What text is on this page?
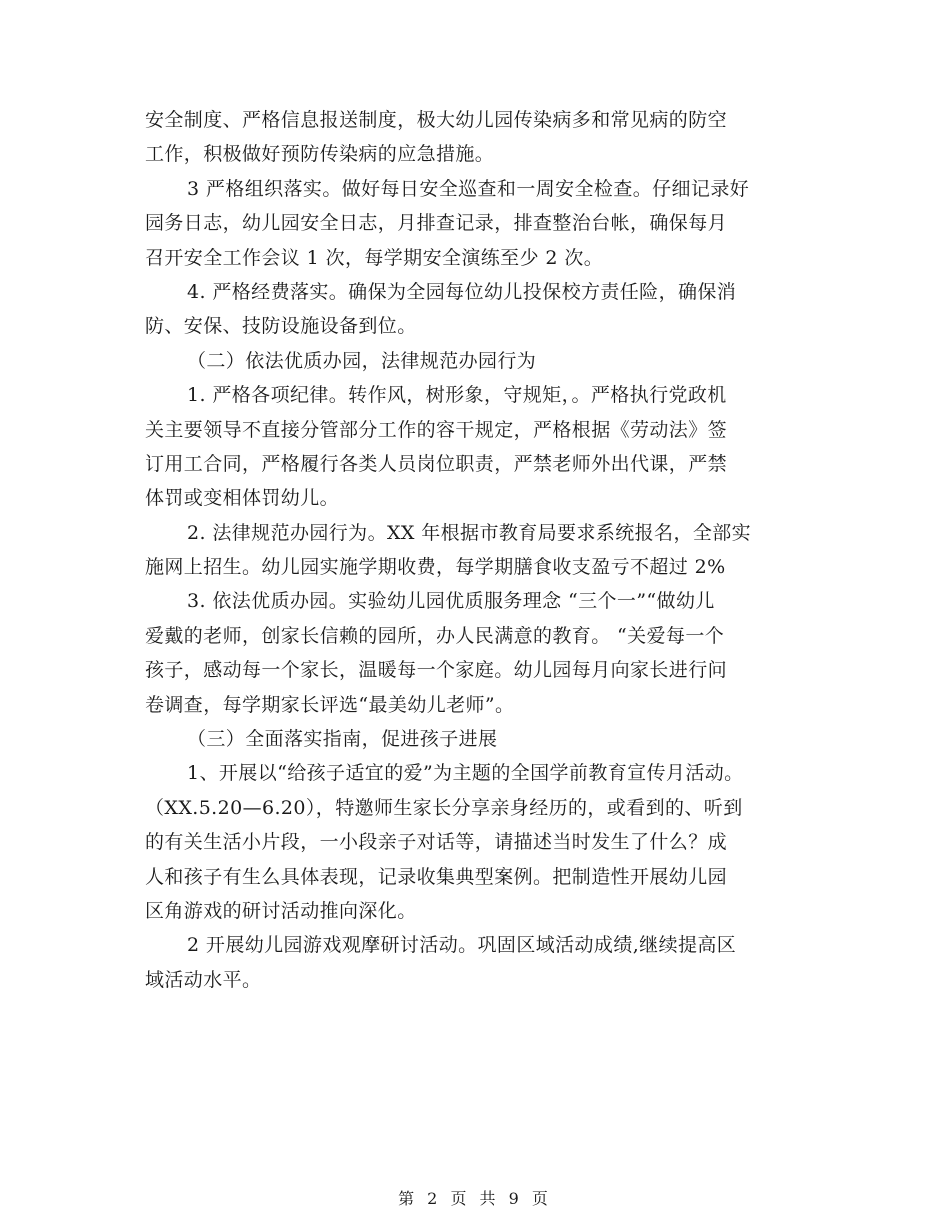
安全制度、严格信息报送制度，极大幼儿园传染病多和常见病的防空
工作，积极做好预防传染病的应急措施。
3 严格组织落实。做好每日安全巡查和一周安全检查。仔细记录好
园务日志，幼儿园安全日志，月排查记录，排查整治台帐，确保每月
召开安全工作会议 1 次，每学期安全演练至少 2 次。
4. 严格经费落实。确保为全园每位幼儿投保校方责任险，确保消
防、安保、技防设施设备到位。
（二）依法优质办园，法律规范办园行为
1. 严格各项纪律。转作风，树形象，守规矩，。严格执行党政机
关主要领导不直接分管部分工作的容干规定，严格根据《劳动法》签
订用工合同，严格履行各类人员岗位职责，严禁老师外出代课，严禁
体罚或变相体罚幼儿。
2. 法律规范办园行为。XX 年根据市教育局要求系统报名，全部实
施网上招生。幼儿园实施学期收费，每学期膳食收支盈亏不超过 2%
3. 依法优质办园。实验幼儿园优质服务理念 “三个一”“做幼儿
爱戴的老师，创家长信赖的园所，办人民满意的教育。 “关爱每一个
孩子，感动每一个家长，温暖每一个家庭。幼儿园每月向家长进行问
卷调查，每学期家长评选“最美幼儿老师”。
（三）全面落实指南，促进孩子进展
1、开展以“给孩子适宜的爱”为主题的全国学前教育宣传月活动。
（XX.5.20—6.20），特邀师生家长分享亲身经历的，或看到的、听到
的有关生活小片段，一小段亲子对话等，请描述当时发生了什么？成
人和孩子有生么具体表现，记录收集典型案例。把制造性开展幼儿园
区角游戏的研讨活动推向深化。
2 开展幼儿园游戏观摩研讨活动。巩固区域活动成绩,继续提高区
域活动水平。
第 2 页 共 9 页
